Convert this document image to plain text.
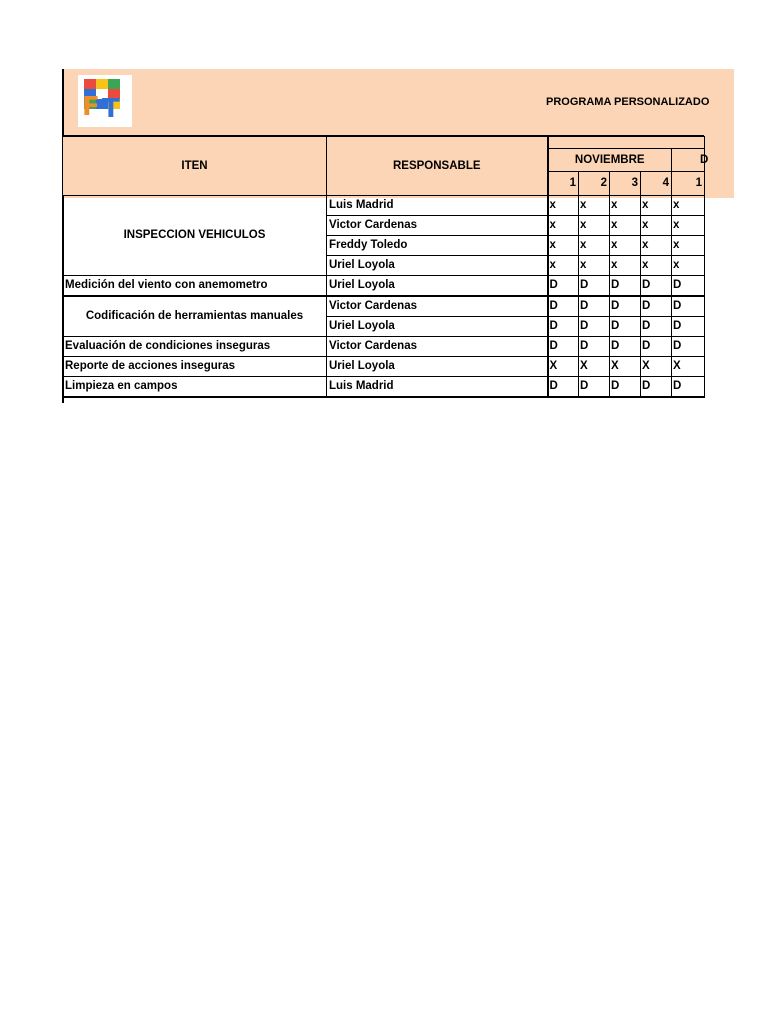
F T	PROGRAMA PERSONALIZADO
ITEN	RESPONSABLE					
		NOVIEMBRE				D
		1	2	3	4	1
INSPECCION VEHICULOS	Luis Madrid	x	x	x	x	x
	Victor Cardenas	x	x	x	x	x
	Freddy Toledo	x	x	x	x	x
	Uriel Loyola	x	x	x	x	x
Medición del viento con anemometro	Uriel Loyola	D	D	D	D	D
Codificación de herramientas manuales	Victor Cardenas	D	D	D	D	D
	Uriel Loyola	D	D	D	D	D
Evaluación de condiciones inseguras	Victor Cardenas	D	D	D	D	D
Reporte de acciones inseguras	Uriel Loyola	X	X	X	X	X
Limpieza en campos	Luis Madrid	D	D	D	D	D
